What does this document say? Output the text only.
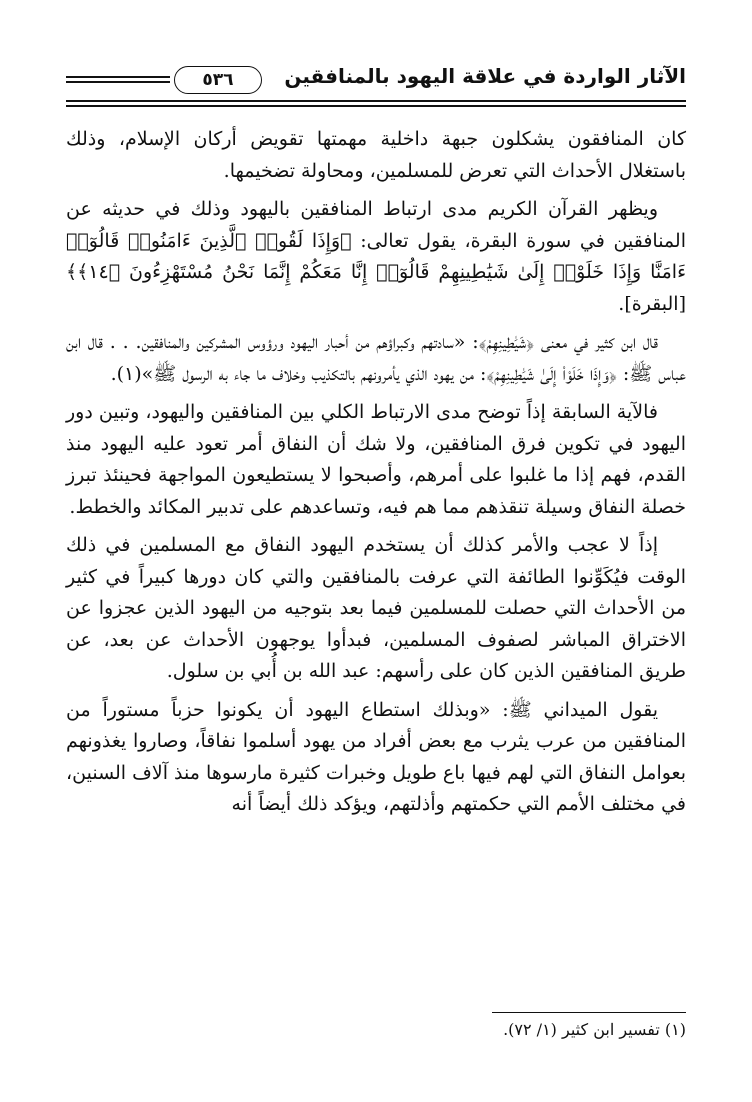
٥٣٦	الآثار الواردة في علاقة اليهود بالمنافقين

كان المنافقون يشكلون جبهة داخلية مهمتها تقويض أركان الإسلام، وذلك باستغلال الأحداث التي تعرض للمسلمين، ومحاولة تضخيمها.

ويظهر القرآن الكريم مدى ارتباط المنافقين باليهود وذلك في حديثه عن المنافقين في سورة البقرة، يقول تعالى: ﴿وَإِذَا لَقُوا۟ ٱلَّذِينَ ءَامَنُوا۟ قَالُوٓا۟ ءَامَنَّا وَإِذَا خَلَوْا۟ إِلَىٰ شَيَٰطِينِهِمْ قَالُوٓا۟ إِنَّا مَعَكُمْ إِنَّمَا نَحْنُ مُسْتَهْزِءُونَ ﴿١٤﴾﴾ [البقرة].

قال ابن كثير في معنى ﴿شَيَٰطِينِهِمْ﴾: «سادتهم وكبراؤهم من أحبار اليهود ورؤوس المشركين والمنافقين. . . قال ابن عباس ﷺ: ﴿وَإِذَا خَلَوْا۟ إِلَىٰ شَيَٰطِينِهِمْ﴾: من يهود الذي يأمرونهم بالتكذيب وخلاف ما جاء به الرسول ﷺ»(١).

فالآية السابقة إذاً توضح مدى الارتباط الكلي بين المنافقين واليهود، وتبين دور اليهود في تكوين فرق المنافقين، ولا شك أن النفاق أمر تعود عليه اليهود منذ القدم، فهم إذا ما غلبوا على أمرهم، وأصبحوا لا يستطيعون المواجهة فحينئذ تبرز خصلة النفاق وسيلة تنقذهم مما هم فيه، وتساعدهم على تدبير المكائد والخطط.

إذاً لا عجب والأمر كذلك أن يستخدم اليهود النفاق مع المسلمين في ذلك الوقت فيُكَوِّنوا الطائفة التي عرفت بالمنافقين والتي كان دورها كبيراً في كثير من الأحداث التي حصلت للمسلمين فيما بعد بتوجيه من اليهود الذين عجزوا عن الاختراق المباشر لصفوف المسلمين، فبدأوا يوجهون الأحداث عن بعد، عن طريق المنافقين الذين كان على رأسهم: عبد الله بن أُبي بن سلول.

يقول الميداني ﷺ: «وبذلك استطاع اليهود أن يكونوا حزباً مستوراً من المنافقين من عرب يثرب مع بعض أفراد من يهود أسلموا نفاقاً، وصاروا يغذونهم بعوامل النفاق التي لهم فيها باع طويل وخبرات كثيرة مارسوها منذ آلاف السنين، في مختلف الأمم التي حكمتهم وأذلتهم، ويؤكد ذلك أيضاً أنه

(١) تفسير ابن كثير (١/ ٧٢).
